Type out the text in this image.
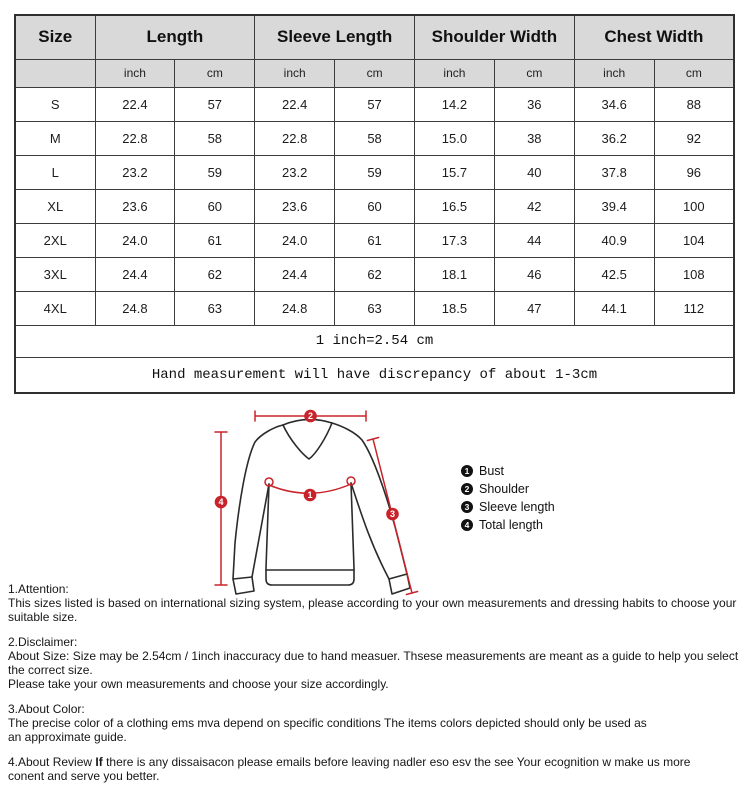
Size	Length		Sleeve Length		Shoulder Width		Chest Width	
	inch	cm	inch	cm	inch	cm	inch	cm
S	22.4	57	22.4	57	14.2	36	34.6	88
M	22.8	58	22.8	58	15.0	38	36.2	92
L	23.2	59	23.2	59	15.7	40	37.8	96
XL	23.6	60	23.6	60	16.5	42	39.4	100
2XL	24.0	61	24.0	61	17.3	44	40.9	104
3XL	24.4	62	24.4	62	18.1	46	42.5	108
4XL	24.8	63	24.8	63	18.5	47	44.1	112
1 inch=2.54 cm								
Hand measurement will have discrepancy of about 1-3cm								
2
4
3
1
1 Bust
2 Shoulder
3 Sleeve length
4 Total length
1.Attention:
This sizes listed is based on international sizing system, please according to your own measurements and dressing habits to choose your suitable size.
2.Disclaimer:
About Size: Size may be 2.54cm / 1inch inaccuracy due to hand measuer. Thsese measurements are meant as a guide to help you select the correct size.
Please take your own measurements and choose your size accordingly.
3.About Color:
The precise color of a clothing ems mva depend on specific conditions The items colors depicted should only be used as
an approximate guide.
4.About Review If there is any dissaisacon please emails before leaving nadler eso esv the see Your ecognition w make us more
conent and serve you better.
